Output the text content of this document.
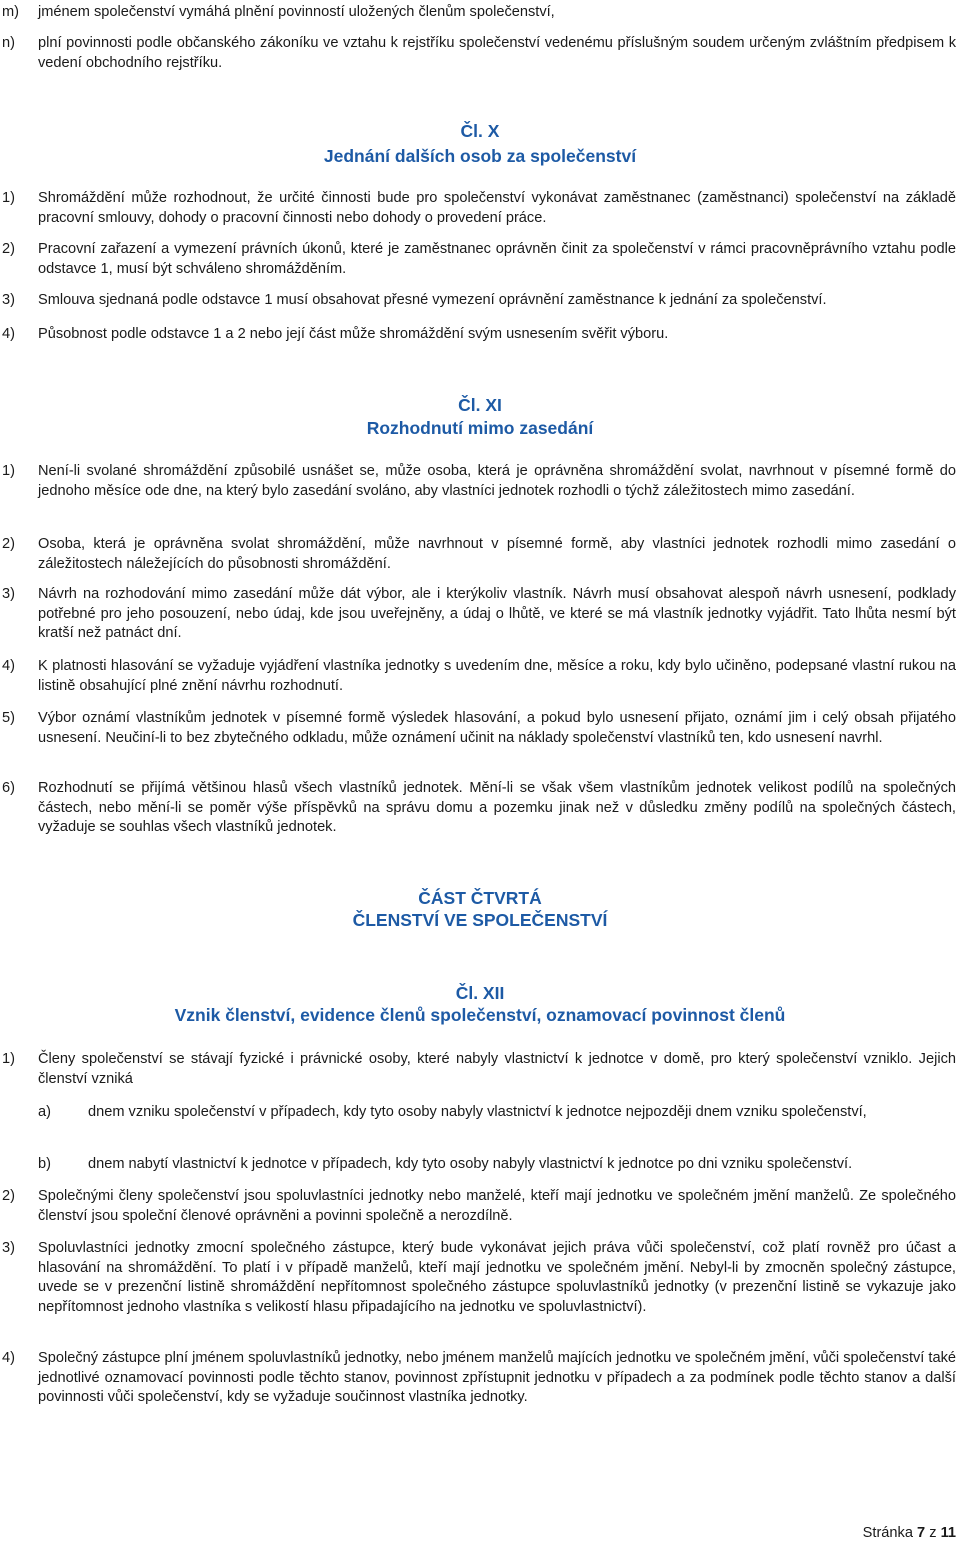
m)	jménem společenství vymáhá plnění povinností uložených členům společenství,
n)	plní povinnosti podle občanského zákoníku ve vztahu k rejstříku společenství vedenému příslušným soudem určeným zvláštním předpisem k vedení obchodního rejstříku.
Čl. X
Jednání dalších osob za společenství
1)	Shromáždění může rozhodnout, že určité činnosti bude pro společenství vykonávat zaměstnanec (zaměstnanci) společenství na základě pracovní smlouvy, dohody o pracovní činnosti nebo dohody o provedení práce.
2)	Pracovní zařazení a vymezení právních úkonů, které je zaměstnanec oprávněn činit za společenství v rámci pracovněprávního vztahu podle odstavce 1, musí být schváleno shromážděním.
3)	Smlouva sjednaná podle odstavce 1 musí obsahovat přesné vymezení oprávnění zaměstnance k jednání za společenství.
4)	Působnost podle odstavce 1 a 2 nebo její část může shromáždění svým usnesením svěřit výboru.
Čl. XI
Rozhodnutí mimo zasedání
1)	Není-li svolané shromáždění způsobilé usnášet se, může osoba, která je oprávněna shromáždění svolat, navrhnout v písemné formě do jednoho měsíce ode dne, na který bylo zasedání svoláno, aby vlastníci jednotek rozhodli o týchž záležitostech mimo zasedání.
2)	Osoba, která je oprávněna svolat shromáždění, může navrhnout v písemné formě, aby vlastníci jednotek rozhodli mimo zasedání o záležitostech náležejících do působnosti shromáždění.
3)	Návrh na rozhodování mimo zasedání může dát výbor, ale i kterýkoliv vlastník. Návrh musí obsahovat alespoň návrh usnesení, podklady potřebné pro jeho posouzení, nebo údaj, kde jsou uveřejněny, a údaj o lhůtě, ve které se má vlastník jednotky vyjádřit. Tato lhůta nesmí být kratší než patnáct dní.
4)	K platnosti hlasování se vyžaduje vyjádření vlastníka jednotky s uvedením dne, měsíce a roku, kdy bylo učiněno, podepsané vlastní rukou na listině obsahující plné znění návrhu rozhodnutí.
5)	Výbor oznámí vlastníkům jednotek v písemné formě výsledek hlasování, a pokud bylo usnesení přijato, oznámí jim i celý obsah přijatého usnesení. Neučiní-li to bez zbytečného odkladu, může oznámení učinit na náklady společenství vlastníků ten, kdo usnesení navrhl.
6)	Rozhodnutí se přijímá většinou hlasů všech vlastníků jednotek. Mění-li se však všem vlastníkům jednotek velikost podílů na společných částech, nebo mění-li se poměr výše příspěvků na správu domu a pozemku jinak než v důsledku změny podílů na společných částech, vyžaduje se souhlas všech vlastníků jednotek.
ČÁST ČTVRTÁ
ČLENSTVÍ VE SPOLEČENSTVÍ
Čl. XII
Vznik členství, evidence členů společenství, oznamovací povinnost členů
1)	Členy společenství se stávají fyzické i právnické osoby, které nabyly vlastnictví k jednotce v domě, pro který společenství vzniklo. Jejich členství vzniká
a)	dnem vzniku společenství v případech, kdy tyto osoby nabyly vlastnictví k jednotce nejpozději dnem vzniku společenství,
b)	dnem nabytí vlastnictví k jednotce v případech, kdy tyto osoby nabyly vlastnictví k jednotce po dni vzniku společenství.
2)	Společnými členy společenství jsou spoluvlastníci jednotky nebo manželé, kteří mají jednotku ve společném jmění manželů. Ze společného členství jsou společní členové oprávněni a povinni společně a nerozdílně.
3)	Spoluvlastníci jednotky zmocní společného zástupce, který bude vykonávat jejich práva vůči společenství, což platí rovněž pro účast a hlasování na shromáždění. To platí i v případě manželů, kteří mají jednotku ve společném jmění. Nebyl-li by zmocněn společný zástupce, uvede se v prezenční listině shromáždění nepřítomnost společného zástupce spoluvlastníků jednotky (v prezenční listině se vykazuje jako nepřítomnost jednoho vlastníka s velikostí hlasu připadajícího na jednotku ve spoluvlastnictví).
4)	Společný zástupce plní jménem spoluvlastníků jednotky, nebo jménem manželů majících jednotku ve společném jmění, vůči společenství také jednotlivé oznamovací povinnosti podle těchto stanov, povinnost zpřístupnit jednotku v případech a za podmínek podle těchto stanov a další povinnosti vůči společenství, kdy se vyžaduje součinnost vlastníka jednotky.
Stránka 7 z 11
